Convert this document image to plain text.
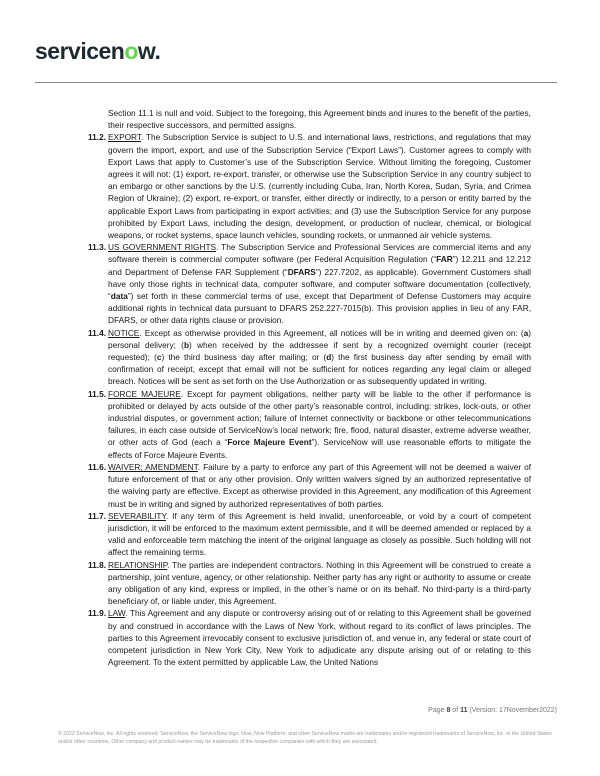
servicenow.

Section 11.1 is null and void. Subject to the foregoing, this Agreement binds and inures to the benefit of the parties, their respective successors, and permitted assigns.

11.2. EXPORT. The Subscription Service is subject to U.S. and international laws, restrictions, and regulations that may govern the import, export, and use of the Subscription Service (“Export Laws”). Customer agrees to comply with Export Laws that apply to Customer’s use of the Subscription Service. Without limiting the foregoing, Customer agrees it will not: (1) export, re-export, transfer, or otherwise use the Subscription Service in any country subject to an embargo or other sanctions by the U.S. (currently including Cuba, Iran, North Korea, Sudan, Syria, and Crimea Region of Ukraine); (2) export, re-export, or transfer, either directly or indirectly, to a person or entity barred by the applicable Export Laws from participating in export activities; and (3) use the Subscription Service for any purpose prohibited by Export Laws, including the design, development, or production of nuclear, chemical, or biological weapons, or rocket systems, space launch vehicles, sounding rockets, or unmanned air vehicle systems.
11.3. US GOVERNMENT RIGHTS. The Subscription Service and Professional Services are commercial items and any software therein is commercial computer software (per Federal Acquisition Regulation (“FAR”) 12.211 and 12.212 and Department of Defense FAR Supplement (“DFARS”) 227.7202, as applicable). Government Customers shall have only those rights in technical data, computer software, and computer software documentation (collectively, “data”) set forth in these commercial terms of use, except that Department of Defense Customers may acquire additional rights in technical data pursuant to DFARS 252.227-7015(b). This provision applies in lieu of any FAR, DFARS, or other data rights clause or provision.
11.4. NOTICE. Except as otherwise provided in this Agreement, all notices will be in writing and deemed given on: (a) personal delivery; (b) when received by the addressee if sent by a recognized overnight courier (receipt requested); (c) the third business day after mailing; or (d) the first business day after sending by email with confirmation of receipt, except that email will not be sufficient for notices regarding any legal claim or alleged breach. Notices will be sent as set forth on the Use Authorization or as subsequently updated in writing.
11.5. FORCE MAJEURE. Except for payment obligations, neither party will be liable to the other if performance is prohibited or delayed by acts outside of the other party’s reasonable control, including: strikes, lock-outs, or other industrial disputes, or government action; failure of Internet connectivity or backbone or other telecommunications failures, in each case outside of ServiceNow’s local network; fire, flood, natural disaster, extreme adverse weather, or other acts of God (each a “Force Majeure Event”). ServiceNow will use reasonable efforts to mitigate the effects of Force Majeure Events.
11.6. WAIVER; AMENDMENT. Failure by a party to enforce any part of this Agreement will not be deemed a waiver of future enforcement of that or any other provision. Only written waivers signed by an authorized representative of the waiving party are effective. Except as otherwise provided in this Agreement, any modification of this Agreement must be in writing and signed by authorized representatives of both parties.
11.7. SEVERABILITY. If any term of this Agreement is held invalid, unenforceable, or void by a court of competent jurisdiction, it will be enforced to the maximum extent permissible, and it will be deemed amended or replaced by a valid and enforceable term matching the intent of the original language as closely as possible. Such holding will not affect the remaining terms.
11.8. RELATIONSHIP. The parties are independent contractors. Nothing in this Agreement will be construed to create a partnership, joint venture, agency, or other relationship. Neither party has any right or authority to assume or create any obligation of any kind, express or implied, in the other’s name or on its behalf. No third-party is a third-party beneficiary of, or liable under, this Agreement.
11.9. LAW. This Agreement and any dispute or controversy arising out of or relating to this Agreement shall be governed by and construed in accordance with the Laws of New York, without regard to its conflict of laws principles. The parties to this Agreement irrevocably consent to exclusive jurisdiction of, and venue in, any federal or state court of competent jurisdiction in New York City, New York to adjudicate any dispute arising out of or relating to this Agreement. To the extent permitted by applicable Law, the United Nations
Page 8 of 11 (Version: 17November2022)
© 2022 ServiceNow, Inc. All rights reserved. ServiceNow, the ServiceNow logo, Now, Now Platform, and other ServiceNow marks are trademarks and/or registered trademarks of ServiceNow, Inc. in the United States and/or other countries. Other company and product names may be trademarks of the respective companies with which they are associated.
